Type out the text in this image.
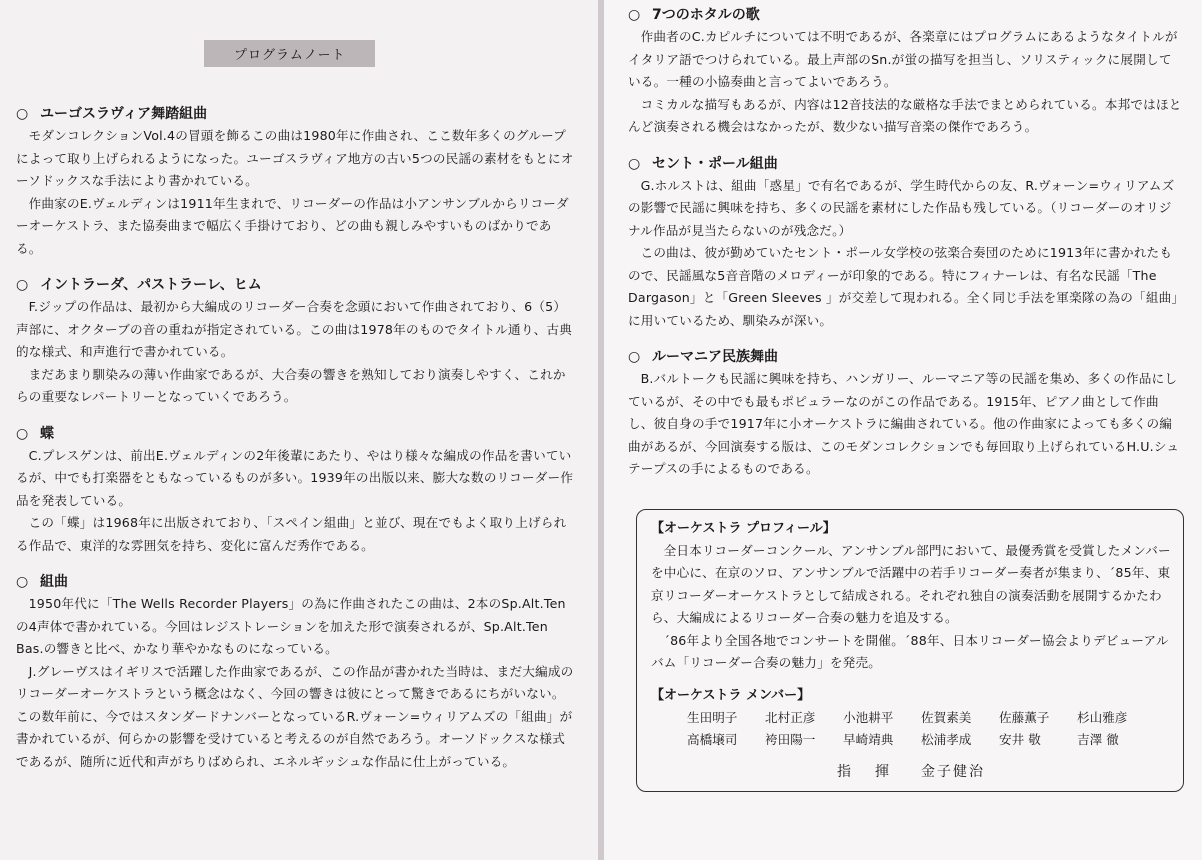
プログラムノート
○ ユーゴスラヴィア舞踏組曲

モダンコレクションVol.4の冒頭を飾るこの曲は1980年に作曲され、ここ数年多くのグループによって取り上げられるようになった。ユーゴスラヴィア地方の古い5つの民謡の素材をもとにオーソドックスな手法により書かれている。

作曲家のE.ヴェルディンは1911年生まれで、リコーダーの作品は小アンサンブルからリコーダーオーケストラ、また協奏曲まで幅広く手掛けており、どの曲も親しみやすいものばかりである。

○ イントラーダ、パストラーレ、ヒム

F.ジップの作品は、最初から大編成のリコーダー合奏を念頭において作曲されており、6（5）声部に、オクターブの音の重ねが指定されている。この曲は1978年のものでタイトル通り、古典的な様式、和声進行で書かれている。

まだあまり馴染みの薄い作曲家であるが、大合奏の響きを熟知しており演奏しやすく、これからの重要なレパートリーとなっていくであろう。

○ 蝶

C.プレスゲンは、前出E.ヴェルディンの2年後輩にあたり、やはり様々な編成の作品を書いているが、中でも打楽器をともなっているものが多い。1939年の出版以来、膨大な数のリコーダー作品を発表している。

この「蝶」は1968年に出版されており、「スペイン組曲」と並び、現在でもよく取り上げられる作品で、東洋的な雰囲気を持ち、変化に富んだ秀作である。

○ 組曲

1950年代に「The Wells Recorder Players」の為に作曲されたこの曲は、2本のSp.Alt.Tenの4声体で書かれている。今回はレジストレーションを加えた形で演奏されるが、Sp.Alt.Ten Bas.の響きと比べ、かなり華やかなものになっている。

J.グレーヴスはイギリスで活躍した作曲家であるが、この作品が書かれた当時は、まだ大編成のリコーダーオーケストラという概念はなく、今回の響きは彼にとって驚きであるにちがいない。この数年前に、今ではスタンダードナンバーとなっているR.ヴォーン=ウィリアムズの「組曲」が書かれているが、何らかの影響を受けていると考えるのが自然であろう。オーソドックスな様式であるが、随所に近代和声がちりばめられ、エネルギッシュな作品に仕上がっている。

○ 7つのホタルの歌

作曲者のC.カピルチについては不明であるが、各楽章にはプログラムにあるようなタイトルがイタリア語でつけられている。最上声部のSn.が蛍の描写を担当し、ソリスティックに展開している。一種の小協奏曲と言ってよいであろう。

コミカルな描写もあるが、内容は12音技法的な厳格な手法でまとめられている。本邦ではほとんど演奏される機会はなかったが、数少ない描写音楽の傑作であろう。

○ セント・ポール組曲

G.ホルストは、組曲「惑星」で有名であるが、学生時代からの友、R.ヴォーン=ウィリアムズの影響で民謡に興味を持ち、多くの民謡を素材にした作品も残している。（リコーダーのオリジナル作品が見当たらないのが残念だ。）

この曲は、彼が勤めていたセント・ポール女学校の弦楽合奏団のために1913年に書かれたもので、民謡風な5音音階のメロディーが印象的である。特にフィナーレは、有名な民謡「The Dargason」と「Green Sleeves 」が交差して現われる。全く同じ手法を軍楽隊の為の「組曲」に用いているため、馴染みが深い。

○ ルーマニア民族舞曲

B.バルトークも民謡に興味を持ち、ハンガリー、ルーマニア等の民謡を集め、多くの作品にしているが、その中でも最もポピュラーなのがこの作品である。1915年、ピアノ曲として作曲し、彼自身の手で1917年に小オーケストラに編曲されている。他の作曲家によっても多くの編曲があるが、今回演奏する版は、このモダンコレクションでも毎回取り上げられているH.U.シュテープスの手によるものである。

【オーケストラ プロフィール】

全日本リコーダーコンクール、アンサンブル部門において、最優秀賞を受賞したメンバーを中心に、在京のソロ、アンサンブルで活躍中の若手リコーダー奏者が集まり、´85年、東京リコーダーオーケストラとして結成される。それぞれ独自の演奏活動を展開するかたわら、大編成によるリコーダー合奏の魅力を追及する。

´86年より全国各地でコンサートを開催。´88年、日本リコーダー協会よりデビューアルバム「リコーダー合奏の魅力」を発売。

【オーケストラ メンバー】
生田明子	北村正彦	小池耕平	佐賀素美	佐藤薫子	杉山雅彦
高橋壌司	袴田陽一	早崎靖典	松浦孝成	安井 敬	吉澤 徹
指 揮 金子健治
